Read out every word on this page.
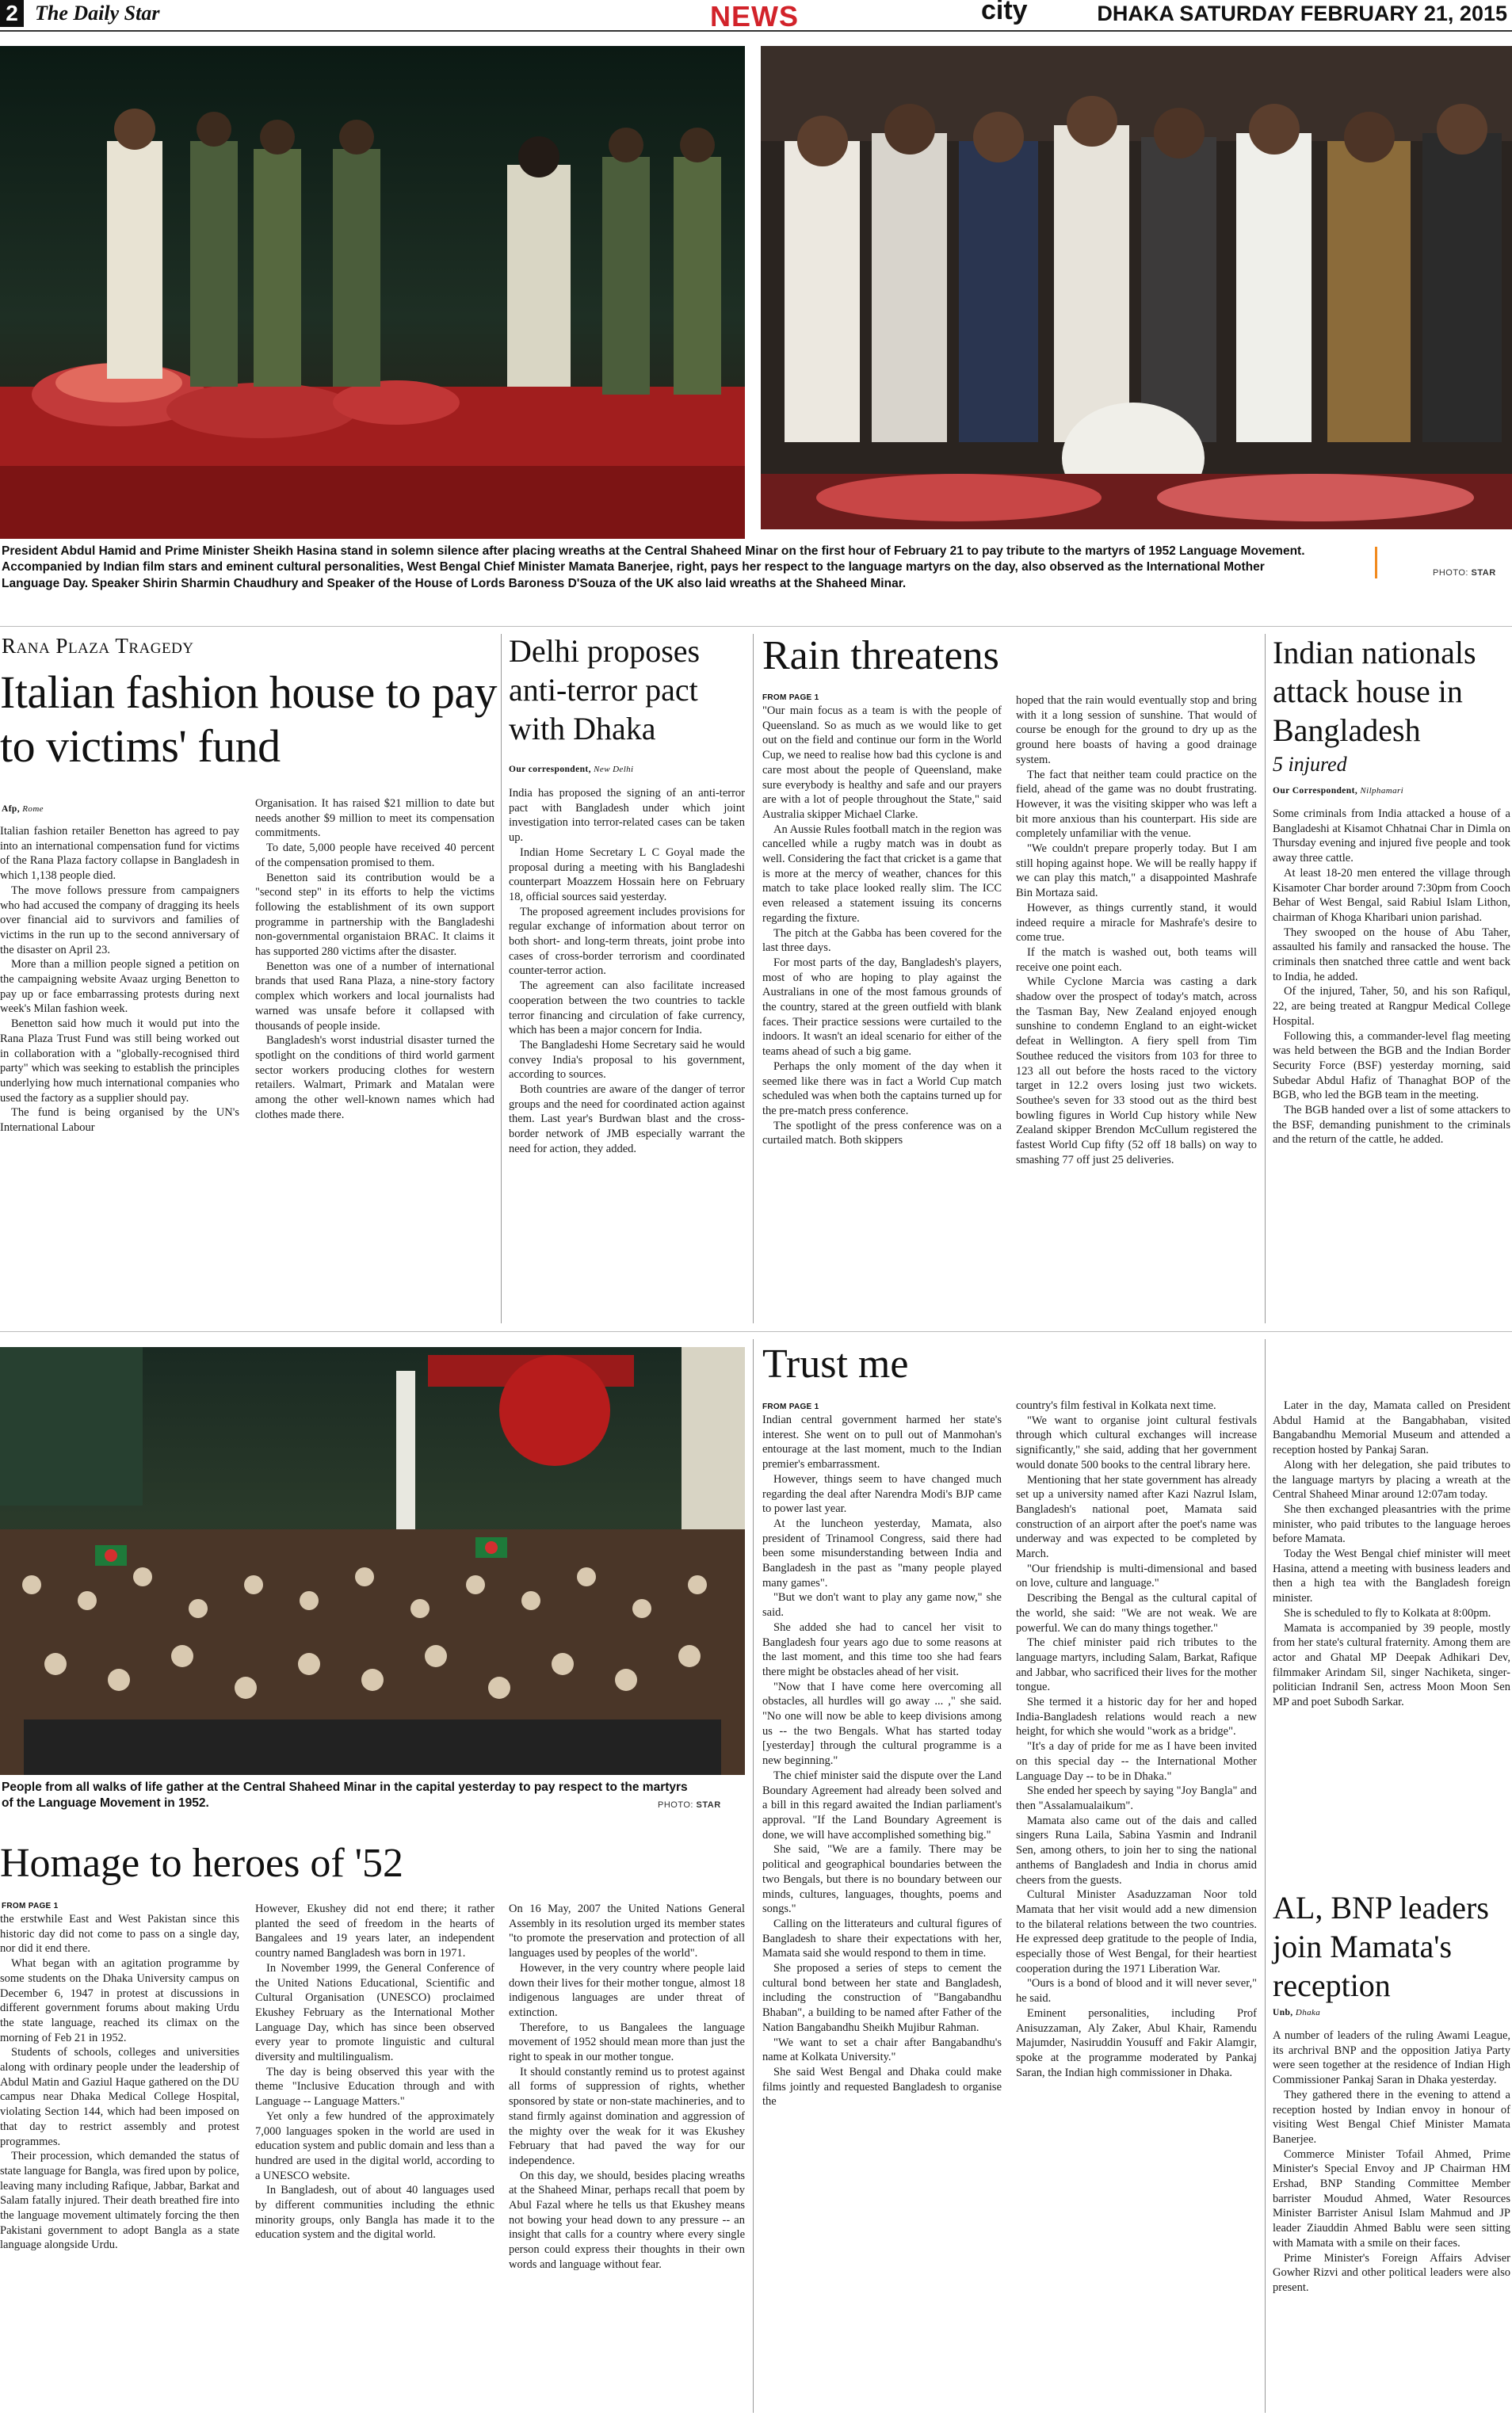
2 The Daily Star	NEWS	city	DHAKA SATURDAY FEBRUARY 21, 2015
President Abdul Hamid and Prime Minister Sheikh Hasina stand in solemn silence after placing wreaths at the Central Shaheed Minar on the first hour of February 21 to pay tribute to the martyrs of 1952 Language Movement. Accompanied by Indian film stars and eminent cultural personalities, West Bengal Chief Minister Mamata Banerjee, right, pays her respect to the language martyrs on the day, also observed as the International Mother Language Day. Speaker Shirin Sharmin Chaudhury and Speaker of the House of Lords Baroness D'Souza of the UK also laid wreaths at the Shaheed Minar.
PHOTO: STAR
Rana Plaza Tragedy
Italian fashion house to pay to victims' fund
Afp, Rome

Italian fashion retailer Benetton has agreed to pay into an international compensation fund for victims of the Rana Plaza factory collapse in Bangladesh in which 1,138 people died.

The move follows pressure from campaigners who had accused the company of dragging its heels over financial aid to survivors and families of victims in the run up to the second anniversary of the disaster on April 23.

More than a million people signed a petition on the campaigning website Avaaz urging Benetton to pay up or face embarrassing protests during next week's Milan fashion week.

Benetton said how much it would put into the Rana Plaza Trust Fund was still being worked out in collaboration with a "globally-recognised third party" which was seeking to establish the principles underlying how much international companies who used the factory as a supplier should pay.

The fund is being organised by the UN's International Labour

Organisation. It has raised $21 million to date but needs another $9 million to meet its compensation commitments.

To date, 5,000 people have received 40 percent of the compensation promised to them.

Benetton said its contribution would be a "second step" in its efforts to help the victims following the establishment of its own support programme in partnership with the Bangladeshi non-governmental organistaion BRAC. It claims it has supported 280 victims after the disaster.

Benetton was one of a number of international brands that used Rana Plaza, a nine-story factory complex which workers and local journalists had warned was unsafe before it collapsed with thousands of people inside.

Bangladesh's worst industrial disaster turned the spotlight on the conditions of third world garment sector workers producing clothes for western retailers. Walmart, Primark and Matalan were among the other well-known names which had clothes made there.

Delhi proposes anti-terror pact with Dhaka
Our correspondent, New Delhi

India has proposed the signing of an anti-terror pact with Bangladesh under which joint investigation into terror-related cases can be taken up.

Indian Home Secretary L C Goyal made the proposal during a meeting with his Bangladeshi counterpart Moazzem Hossain here on February 18, official sources said yesterday.

The proposed agreement includes provisions for regular exchange of information about terror on both short- and long-term threats, joint probe into cases of cross-border terrorism and coordinated counter-terror action.

The agreement can also facilitate increased cooperation between the two countries to tackle terror financing and circulation of fake currency, which has been a major concern for India.

The Bangladeshi Home Secretary said he would convey India's proposal to his government, according to sources.

Both countries are aware of the danger of terror groups and the need for coordinated action against them. Last year's Burdwan blast and the cross-border network of JMB especially warrant the need for action, they added.

Rain threatens
FROM PAGE 1

"Our main focus as a team is with the people of Queensland. So as much as we would like to get out on the field and continue our form in the World Cup, we need to realise how bad this cyclone is and care most about the people of Queensland, make sure everybody is healthy and safe and our prayers are with a lot of people throughout the State," said Australia skipper Michael Clarke.

An Aussie Rules football match in the region was cancelled while a rugby match was in doubt as well. Considering the fact that cricket is a game that is more at the mercy of weather, chances for this match to take place looked really slim. The ICC even released a statement issuing its concerns regarding the fixture.

The pitch at the Gabba has been covered for the last three days.

For most parts of the day, Bangladesh's players, most of who are hoping to play against the Australians in one of the most famous grounds of the country, stared at the green outfield with blank faces. Their practice sessions were curtailed to the indoors. It wasn't an ideal scenario for either of the teams ahead of such a big game.

Perhaps the only moment of the day when it seemed like there was in fact a World Cup match scheduled was when both the captains turned up for the pre-match press conference.

The spotlight of the press conference was on a curtailed match. Both skippers

hoped that the rain would eventually stop and bring with it a long session of sunshine. That would of course be enough for the ground to dry up as the ground here boasts of having a good drainage system.

The fact that neither team could practice on the field, ahead of the game was no doubt frustrating. However, it was the visiting skipper who was left a bit more anxious than his counterpart. His side are completely unfamiliar with the venue.

"We couldn't prepare properly today. But I am still hoping against hope. We will be really happy if we can play this match," a disappointed Mashrafe Bin Mortaza said.

However, as things currently stand, it would indeed require a miracle for Mashrafe's desire to come true.

If the match is washed out, both teams will receive one point each.

While Cyclone Marcia was casting a dark shadow over the prospect of today's match, across the Tasman Bay, New Zealand enjoyed enough sunshine to condemn England to an eight-wicket defeat in Wellington. A fiery spell from Tim Southee reduced the visitors from 103 for three to 123 all out before the hosts raced to the victory target in 12.2 overs losing just two wickets. Southee's seven for 33 stood out as the third best bowling figures in World Cup history while New Zealand skipper Brendon McCullum registered the fastest World Cup fifty (52 off 18 balls) on way to smashing 77 off just 25 deliveries.

Indian nationals attack house in Bangladesh
5 injured
Our Correspondent, Nilphamari

Some criminals from India attacked a house of a Bangladeshi at Kisamot Chhatnai Char in Dimla on Thursday evening and injured five people and took away three cattle.

At least 18-20 men entered the village through Kisamoter Char border around 7:30pm from Cooch Behar of West Bengal, said Rabiul Islam Lithon, chairman of Khoga Kharibari union parishad.

They swooped on the house of Abu Taher, assaulted his family and ransacked the house. The criminals then snatched three cattle and went back to India, he added.

Of the injured, Taher, 50, and his son Rafiqul, 22, are being treated at Rangpur Medical College Hospital.

Following this, a commander-level flag meeting was held between the BGB and the Indian Border Security Force (BSF) yesterday morning, said Subedar Abdul Hafiz of Thanaghat BOP of the BGB, who led the BGB team in the meeting.

The BGB handed over a list of some attackers to the BSF, demanding punishment to the criminals and the return of the cattle, he added.

People from all walks of life gather at the Central Shaheed Minar in the capital yesterday to pay respect to the martyrs of the Language Movement in 1952.	PHOTO: STAR
Homage to heroes of '52
FROM PAGE 1

the erstwhile East and West Pakistan since this historic day did not come to pass on a single day, nor did it end there.

What began with an agitation programme by some students on the Dhaka University campus on December 6, 1947 in protest at discussions in different government forums about making Urdu the state language, reached its climax on the morning of Feb 21 in 1952.

Students of schools, colleges and universities along with ordinary people under the leadership of Abdul Matin and Gaziul Haque gathered on the DU campus near Dhaka Medical College Hospital, violating Section 144, which had been imposed on that day to restrict assembly and protest programmes.

Their procession, which demanded the status of state language for Bangla, was fired upon by police, leaving many including Rafique, Jabbar, Barkat and Salam fatally injured. Their death breathed fire into the language movement ultimately forcing the then Pakistani government to adopt Bangla as a state language alongside Urdu.

However, Ekushey did not end there; it rather planted the seed of freedom in the hearts of Bangalees and 19 years later, an independent country named Bangladesh was born in 1971.

In November 1999, the General Conference of the United Nations Educational, Scientific and Cultural Organisation (UNESCO) proclaimed Ekushey February as the International Mother Language Day, which has since been observed every year to promote linguistic and cultural diversity and multilingualism.

The day is being observed this year with the theme "Inclusive Education through and with Language -- Language Matters."

Yet only a few hundred of the approximately 7,000 languages spoken in the world are used in education system and public domain and less than a hundred are used in the digital world, according to a UNESCO website.

In Bangladesh, out of about 40 languages used by different communities including the ethnic minority groups, only Bangla has made it to the education system and the digital world.

On 16 May, 2007 the United Nations General Assembly in its resolution urged its member states "to promote the preservation and protection of all languages used by peoples of the world".

However, in the very country where people laid down their lives for their mother tongue, almost 18 indigenous languages are under threat of extinction.

Therefore, to us Bangalees the language movement of 1952 should mean more than just the right to speak in our mother tongue.

It should constantly remind us to protest against all forms of suppression of rights, whether sponsored by state or non-state machineries, and to stand firmly against domination and aggression of the mighty over the weak for it was Ekushey February that had paved the way for our independence.

On this day, we should, besides placing wreaths at the Shaheed Minar, perhaps recall that poem by Abul Fazal where he tells us that Ekushey means not bowing your head down to any pressure -- an insight that calls for a country where every single person could express their thoughts in their own words and language without fear.

Trust me
FROM PAGE 1

Indian central government harmed her state's interest. She went on to pull out of Manmohan's entourage at the last moment, much to the Indian premier's embarrassment.

However, things seem to have changed much regarding the deal after Narendra Modi's BJP came to power last year.

At the luncheon yesterday, Mamata, also president of Trinamool Congress, said there had been some misunderstanding between India and Bangladesh in the past as "many people played many games".

"But we don't want to play any game now," she said.

She added she had to cancel her visit to Bangladesh four years ago due to some reasons at the last moment, and this time too she had fears there might be obstacles ahead of her visit.

"Now that I have come here overcoming all obstacles, all hurdles will go away ... ," she said. "No one will now be able to keep divisions among us -- the two Bengals. What has started today [yesterday] through the cultural programme is a new beginning."

The chief minister said the dispute over the Land Boundary Agreement had already been solved and a bill in this regard awaited the Indian parliament's approval. "If the Land Boundary Agreement is done, we will have accomplished something big."

She said, "We are a family. There may be political and geographical boundaries between the two Bengals, but there is no boundary between our minds, cultures, languages, thoughts, poems and songs."

Calling on the litterateurs and cultural figures of Bangladesh to share their expectations with her, Mamata said she would respond to them in time.

She proposed a series of steps to cement the cultural bond between her state and Bangladesh, including the construction of "Bangabandhu Bhaban", a building to be named after Father of the Nation Bangabandhu Sheikh Mujibur Rahman.

"We want to set a chair after Bangabandhu's name at Kolkata University."

She said West Bengal and Dhaka could make films jointly and requested Bangladesh to organise the

country's film festival in Kolkata next time.

"We want to organise joint cultural festivals through which cultural exchanges will increase significantly," she said, adding that her government would donate 500 books to the central library here.

Mentioning that her state government has already set up a university named after Kazi Nazrul Islam, Bangladesh's national poet, Mamata said construction of an airport after the poet's name was underway and was expected to be completed by March.

"Our friendship is multi-dimensional and based on love, culture and language."

Describing the Bengal as the cultural capital of the world, she said: "We are not weak. We are powerful. We can do many things together."

The chief minister paid rich tributes to the language martyrs, including Salam, Barkat, Rafique and Jabbar, who sacrificed their lives for the mother tongue.

She termed it a historic day for her and hoped India-Bangladesh relations would reach a new height, for which she would "work as a bridge".

"It's a day of pride for me as I have been invited on this special day -- the International Mother Language Day -- to be in Dhaka."

She ended her speech by saying "Joy Bangla" and then "Assalamualaikum".

Mamata also came out of the dais and called singers Runa Laila, Sabina Yasmin and Indranil Sen, among others, to join her to sing the national anthems of Bangladesh and India in chorus amid cheers from the guests.

Cultural Minister Asaduzzaman Noor told Mamata that her visit would add a new dimension to the bilateral relations between the two countries. He expressed deep gratitude to the people of India, especially those of West Bengal, for their heartiest cooperation during the 1971 Liberation War.

"Ours is a bond of blood and it will never sever," he said.

Eminent personalities, including Prof Anisuzzaman, Aly Zaker, Abul Khair, Ramendu Majumder, Nasiruddin Yousuff and Fakir Alamgir, spoke at the programme moderated by Pankaj Saran, the Indian high commissioner in Dhaka.

Later in the day, Mamata called on President Abdul Hamid at the Bangabhaban, visited Bangabandhu Memorial Museum and attended a reception hosted by Pankaj Saran.

Along with her delegation, she paid tributes to the language martyrs by placing a wreath at the Central Shaheed Minar around 12:07am today.

She then exchanged pleasantries with the prime minister, who paid tributes to the language heroes before Mamata.

Today the West Bengal chief minister will meet Hasina, attend a meeting with business leaders and then a high tea with the Bangladesh foreign minister.

She is scheduled to fly to Kolkata at 8:00pm.

Mamata is accompanied by 39 people, mostly from her state's cultural fraternity. Among them are actor and Ghatal MP Deepak Adhikari Dev, filmmaker Arindam Sil, singer Nachiketa, singer-politician Indranil Sen, actress Moon Moon Sen MP and poet Subodh Sarkar.

AL, BNP leaders join Mamata's reception
Unb, Dhaka

A number of leaders of the ruling Awami League, its archrival BNP and the opposition Jatiya Party were seen together at the residence of Indian High Commissioner Pankaj Saran in Dhaka yesterday.

They gathered there in the evening to attend a reception hosted by Indian envoy in honour of visiting West Bengal Chief Minister Mamata Banerjee.

Commerce Minister Tofail Ahmed, Prime Minister's Special Envoy and JP Chairman HM Ershad, BNP Standing Committee Member barrister Moudud Ahmed, Water Resources Minister Barrister Anisul Islam Mahmud and JP leader Ziauddin Ahmed Bablu were seen sitting with Mamata with a smile on their faces.

Prime Minister's Foreign Affairs Adviser Gowher Rizvi and other political leaders were also present.
